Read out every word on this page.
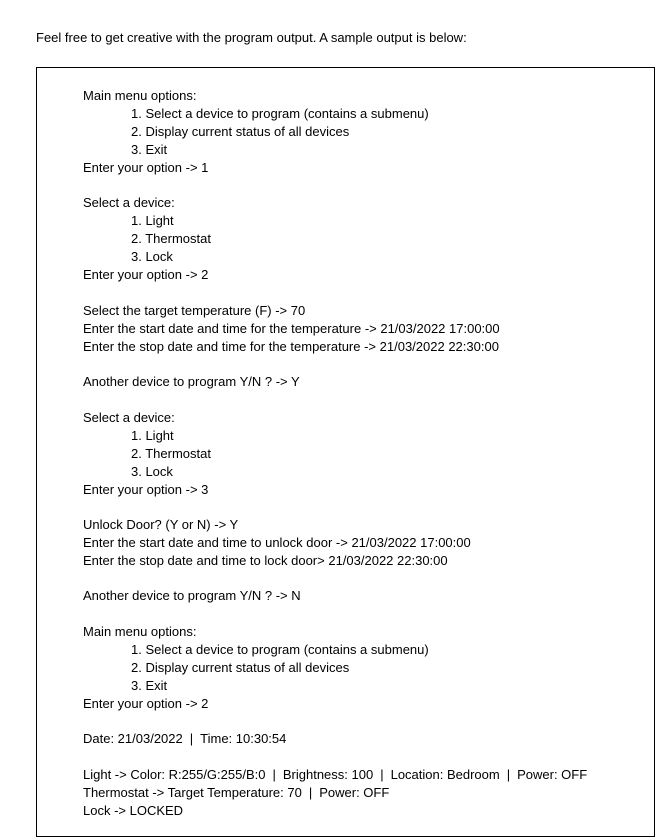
Feel free to get creative with the program output. A sample output is below:
Main menu options:
1. Select a device to program (contains a submenu)
2. Display current status of all devices
3. Exit
Enter your option -> 1
Select a device:
1. Light
2. Thermostat
3. Lock
Enter your option -> 2
Select the target temperature (F) -> 70
Enter the start date and time for the temperature -> 21/03/2022 17:00:00
Enter the stop date and time for the temperature -> 21/03/2022 22:30:00
Another device to program Y/N ? -> Y
Select a device:
1. Light
2. Thermostat
3. Lock
Enter your option -> 3
Unlock Door? (Y or N) -> Y
Enter the start date and time to unlock door -> 21/03/2022 17:00:00
Enter the stop date and time to lock door> 21/03/2022 22:30:00
Another device to program Y/N ? -> N
Main menu options:
1. Select a device to program (contains a submenu)
2. Display current status of all devices
3. Exit
Enter your option -> 2
Date: 21/03/2022 | Time: 10:30:54
Light -> Color: R:255/G:255/B:0 | Brightness: 100 | Location: Bedroom | Power: OFF
Thermostat -> Target Temperature: 70 | Power: OFF
Lock -> LOCKED
